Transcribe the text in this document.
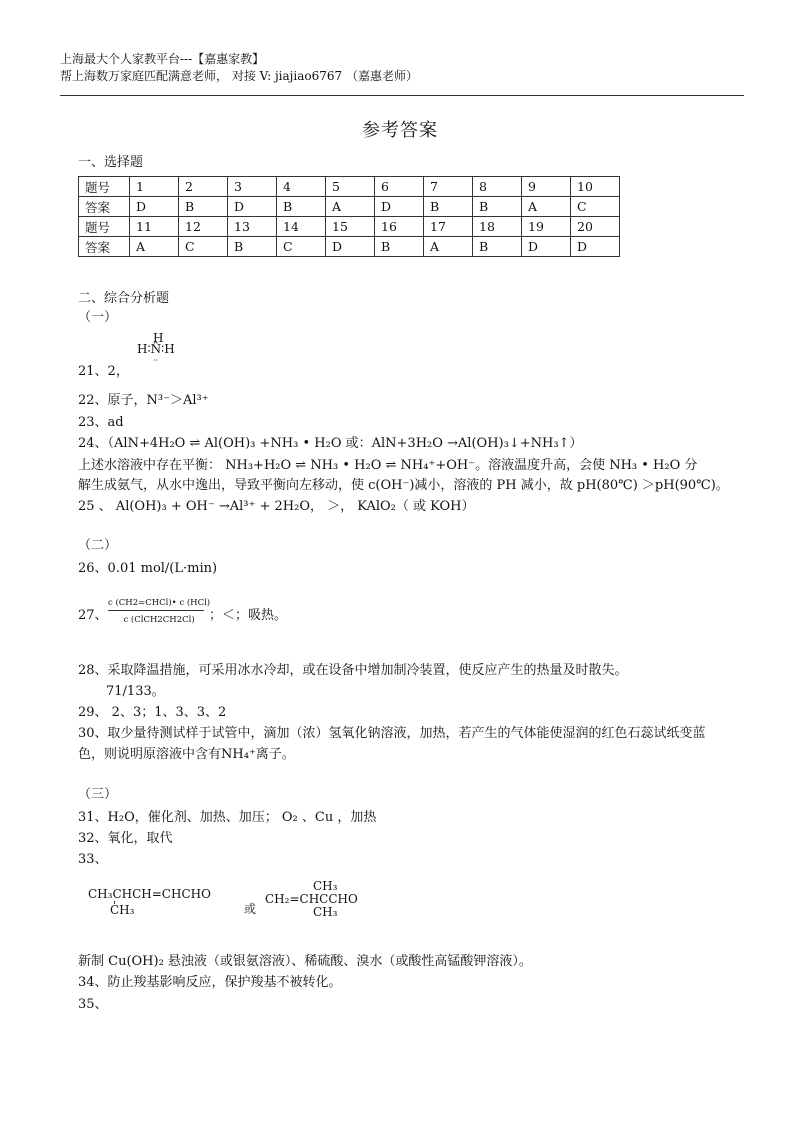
上海最大个人家教平台---【嘉惠家教】
帮上海数万家庭匹配满意老师， 对接 V: jiajiao6767 （嘉惠老师）
参考答案
一、选择题
题号	1	2	3	4	5	6	7	8	9	10
答案	D	B	D	B	A	D	B	B	A	C
题号	11	12	13	14	15	16	17	18	19	20
答案	A	C	B	C	D	B	A	B	D	D
二、综合分析题
（一）
21、2，
H
H∶N̈∶H
··
22、原子，N³⁻＞Al³⁺
23、ad
24、（AlN+4H₂O ⇌ Al(OH)₃ +NH₃ • H₂O 或：AlN+3H₂O →Al(OH)₃↓+NH₃↑）
上述水溶液中存在平衡： NH₃+H₂O ⇌ NH₃ • H₂O ⇌ NH₄⁺+OH⁻。溶液温度升高，会使 NH₃ • H₂O 分
解生成氨气，从水中逸出，导致平衡向左移动，使 c(OH⁻)减小，溶液的 PH 减小，故 pH(80℃) ＞pH(90℃)。
25 、 Al(OH)₃ + OH⁻ →Al³⁺ + 2H₂O， ＞， KAlO₂（ 或 KOH）
（二）
26、0.01 mol/(L·min)
27、
c (CH2=CHCl)• c (HCl)
c (ClCH2CH2Cl)	；＜；吸热。
28、采取降温措施，可采用冰水冷却，或在设备中增加制冷装置，使反应产生的热量及时散失。
71/133。
29、 2、3；1、3、3、2
30、取少量待测试样于试管中，滴加（浓）氢氧化钠溶液，加热，若产生的气体能使湿润的红色石蕊试纸变蓝
色，则说明原溶液中含有NH₄⁺离子。
（三）
31、H₂O，催化剂、加热、加压； O₂ 、Cu ，加热
32、氧化，取代
33、
CH₃CHCH=CHCHO
CH₃	或
CH₃
CH₂=CHCCHO
CH₃
新制 Cu(OH)₂ 悬浊液（或银氨溶液）、稀硫酸、溴水（或酸性高锰酸钾溶液）。
34、防止羧基影响反应，保护羧基不被转化。
35、
